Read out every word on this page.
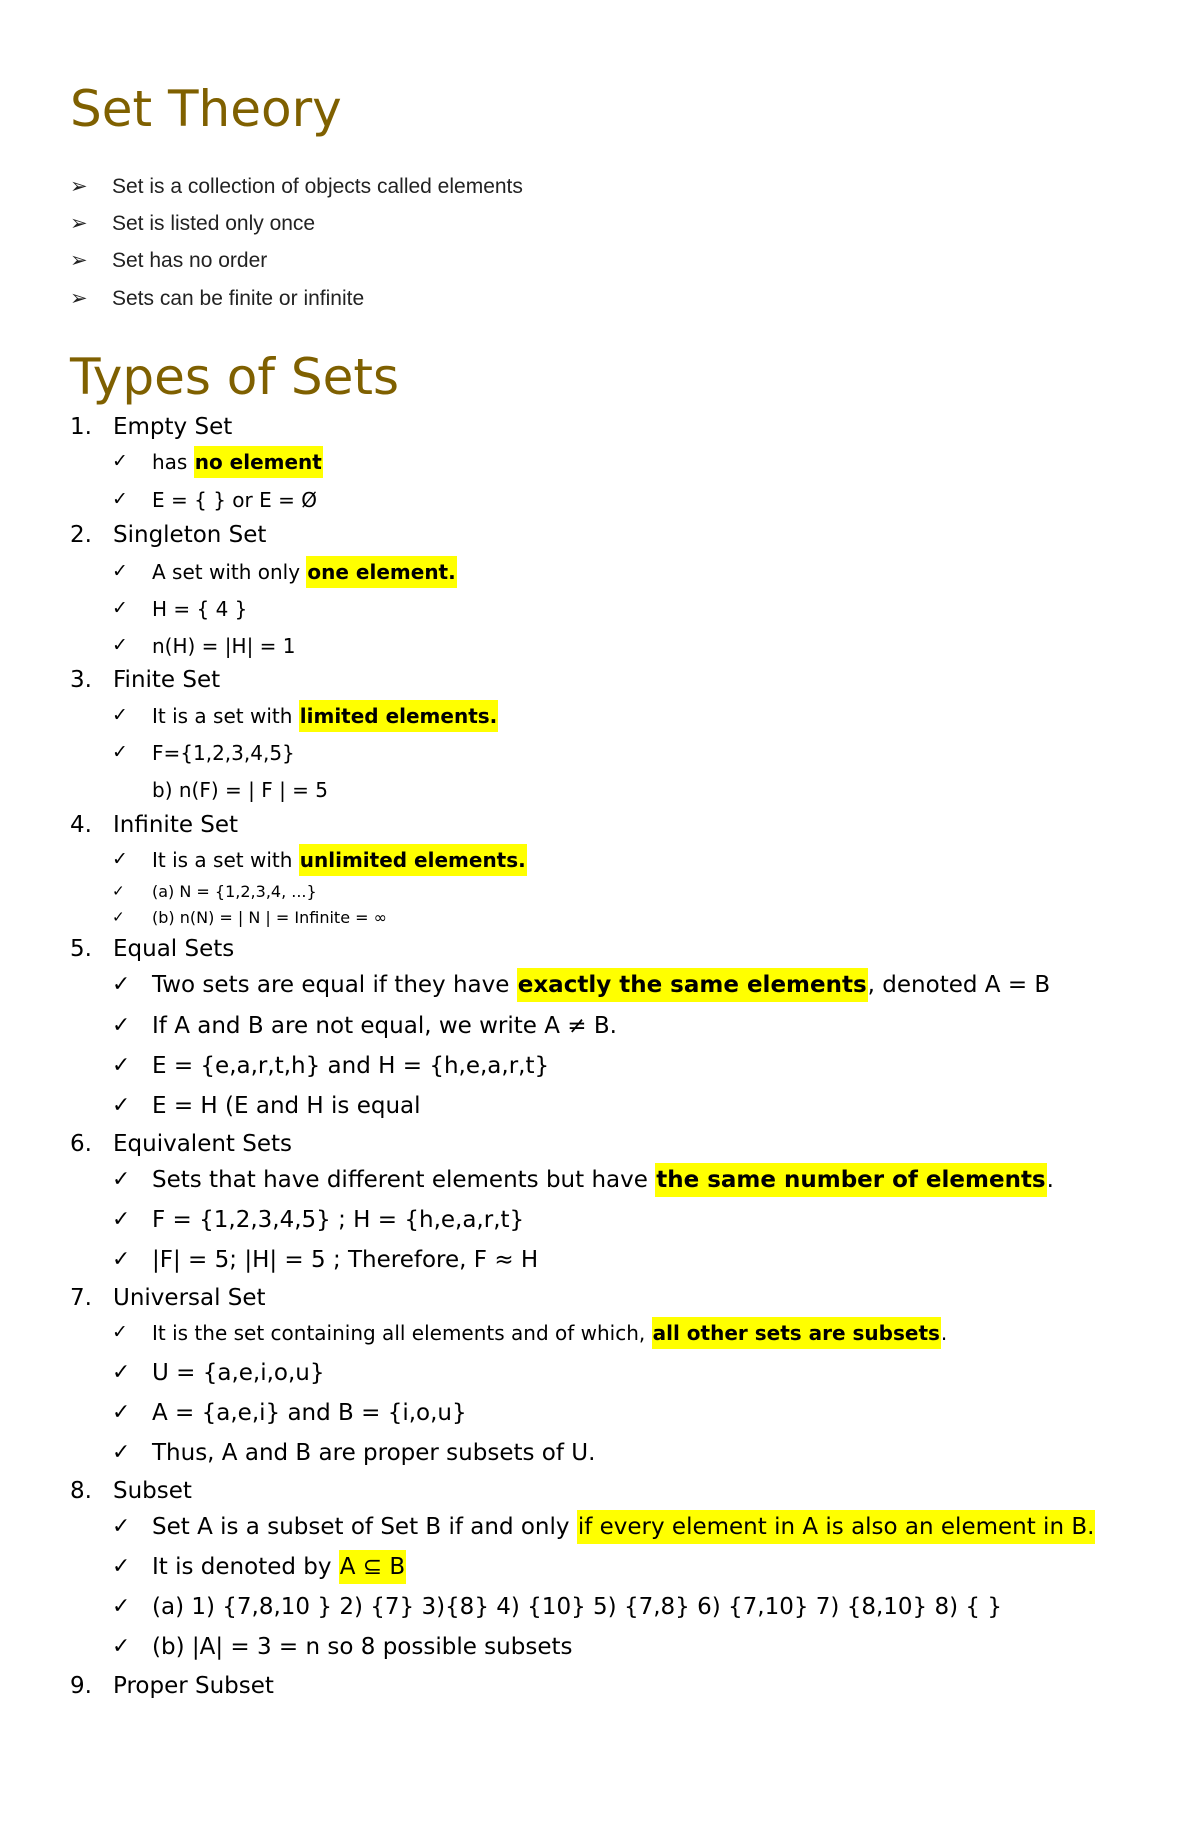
Set Theory
➢ Set is a collection of objects called elements
➢ Set is listed only once
➢ Set has no order
➢ Sets can be finite or infinite
Types of Sets
1. Empty Set
✓ has no element
✓ E = { } or E = Ø
2. Singleton Set
✓ A set with only one element.
✓ H = { 4 }
✓ n(H) = |H| = 1
3. Finite Set
✓ It is a set with limited elements.
✓ F={1,2,3,4,5}
b) n(F) = | F | = 5
4. Infinite Set
✓ It is a set with unlimited elements.
✓ (a) N = {1,2,3,4, ...}
✓ (b) n(N) = | N | = Infinite = ∞
5. Equal Sets
✓ Two sets are equal if they have exactly the same elements, denoted A = B
✓ If A and B are not equal, we write A ≠ B.
✓ E = {e,a,r,t,h} and H = {h,e,a,r,t}
✓ E = H (E and H is equal
6. Equivalent Sets
✓ Sets that have different elements but have the same number of elements.
✓ F = {1,2,3,4,5} ; H = {h,e,a,r,t}
✓ |F| = 5; |H| = 5 ; Therefore, F ≈ H
7. Universal Set
✓ It is the set containing all elements and of which, all other sets are subsets.
✓ U = {a,e,i,o,u}
✓ A = {a,e,i} and B = {i,o,u}
✓ Thus, A and B are proper subsets of U.
8. Subset
✓ Set A is a subset of Set B if and only if every element in A is also an element in B.
✓ It is denoted by A ⊆ B
✓ (a) 1) {7,8,10 } 2) {7} 3){8} 4) {10} 5) {7,8} 6) {7,10} 7) {8,10} 8) { }
✓ (b) |A| = 3 = n so 8 possible subsets
9. Proper Subset
